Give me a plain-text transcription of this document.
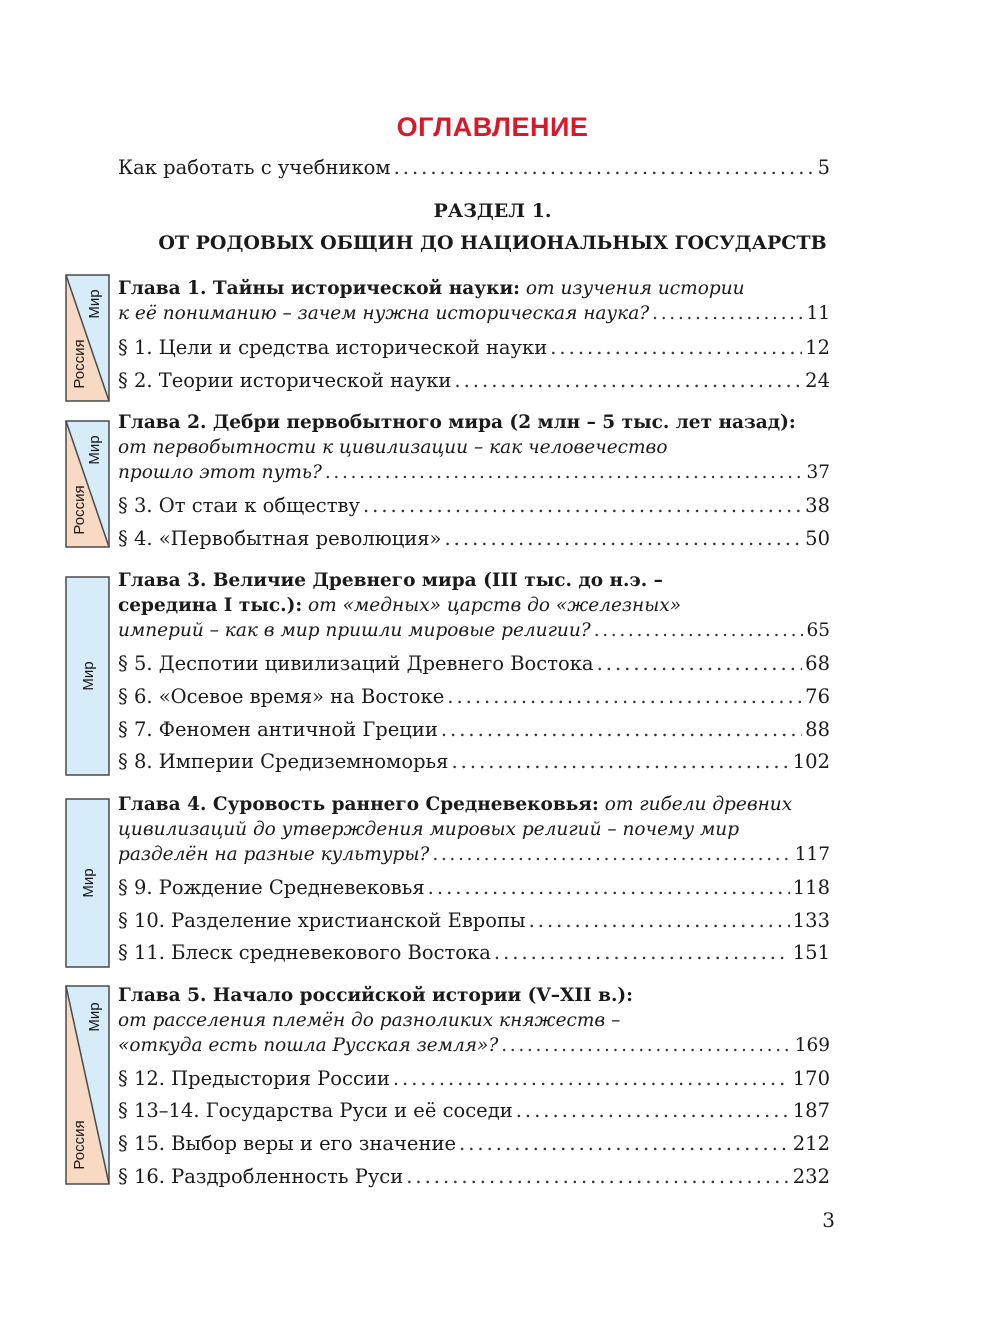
ОГЛАВЛЕНИЕ
Как работать с учебником . . .	5
РАЗДЕЛ 1.
ОТ РОДОВЫХ ОБЩИН ДО НАЦИОНАЛЬНЫХ ГОСУДАРСТВ
Мир
Россия
Мир
Россия
Мир
Мир
Мир
Россия
Глава 1. Тайны исторической науки: от изучения истории
к её пониманию – зачем нужна историческая наука? . . .	11
§ 1. Цели и средства исторической науки . . .	12
§ 2. Теории исторической науки . . .	24
Глава 2. Дебри первобытного мира (2 млн – 5 тыс. лет назад):
от первобытности к цивилизации – как человечество
прошло этот путь? . . .	37
§ 3. От стаи к обществу . . .	38
§ 4. «Первобытная революция» . . .	50
Глава 3. Величие Древнего мира (III тыс. до н.э. –
середина I тыс.): от «медных» царств до «железных»
империй – как в мир пришли мировые религии? . . .	65
§ 5. Деспотии цивилизаций Древнего Востока . . .	68
§ 6. «Осевое время» на Востоке . . .	76
§ 7. Феномен античной Греции . . .	88
§ 8. Империи Средиземноморья . . .	102
Глава 4. Суровость раннего Средневековья: от гибели древних
цивилизаций до утверждения мировых религий – почему мир
разделён на разные культуры? . . .	117
§ 9. Рождение Средневековья . . .	118
§ 10. Разделение христианской Европы . . .	133
§ 11. Блеск средневекового Востока . . .	151
Глава 5. Начало российской истории (V–XII в.):
от расселения племён до разноликих княжеств –
«откуда есть пошла Русская земля»? . . .	169
§ 12. Предыстория России . . .	170
§ 13–14. Государства Руси и её соседи . . .	187
§ 15. Выбор веры и его значение . . .	212
§ 16. Раздробленность Руси . . .	232
3
